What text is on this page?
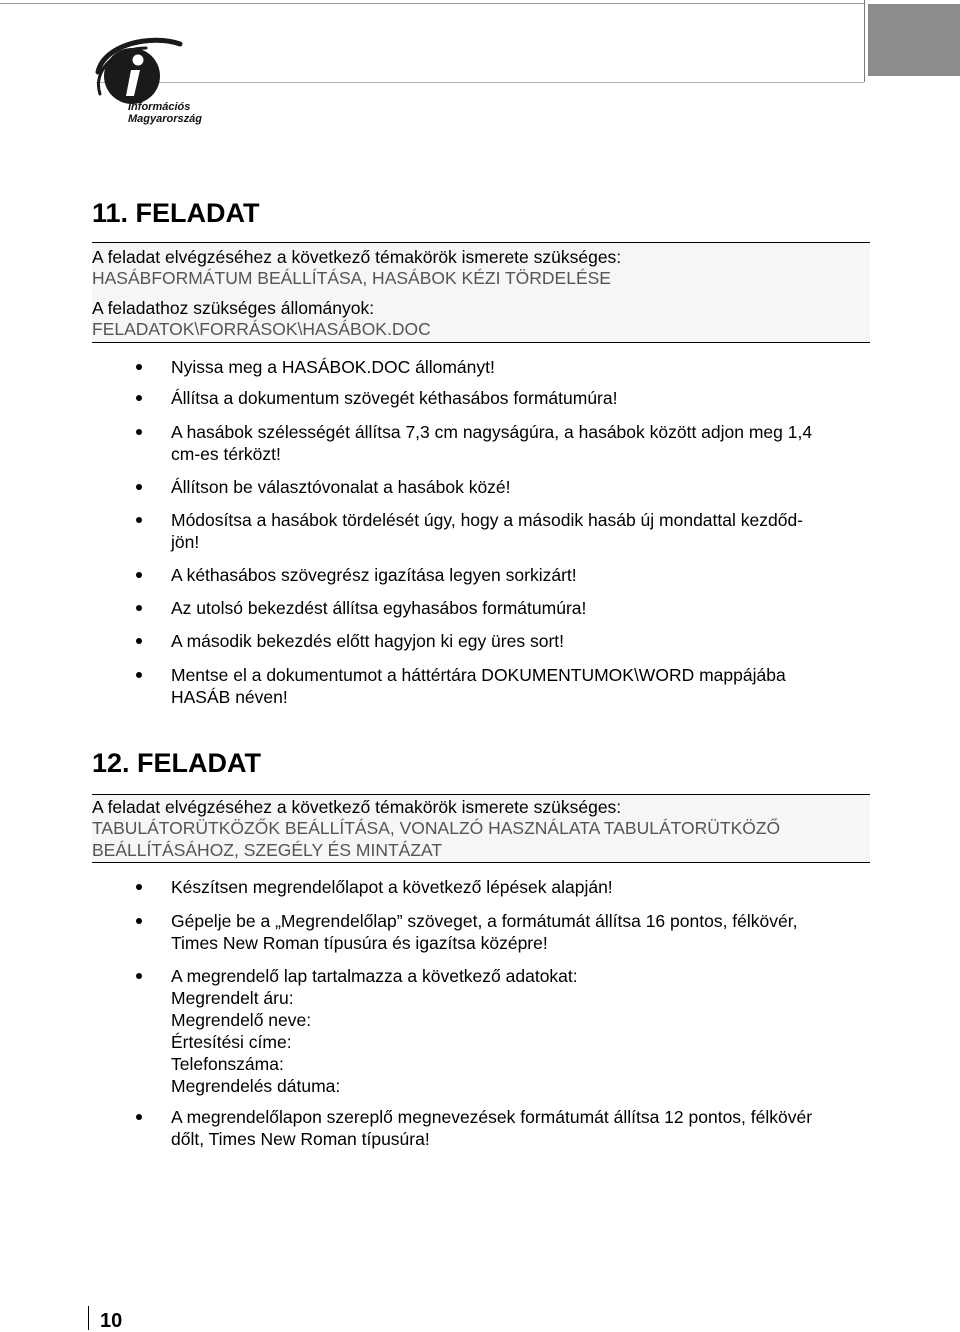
Információs
Magyarország
11. FELADAT
A feladat elvégzéséhez a következő témakörök ismerete szükséges:
HASÁBFORMÁTUM BEÁLLÍTÁSA, HASÁBOK KÉZI TÖRDELÉSE
A feladathoz szükséges állományok:
FELADATOK\FORRÁSOK\HASÁBOK.DOC
Nyissa meg a HASÁBOK.DOC állományt!
Állítsa a dokumentum szövegét kéthasábos formátumúra!
A hasábok szélességét állítsa 7,3 cm nagyságúra, a hasábok között adjon meg 1,4
cm-es térközt!
Állítson be választóvonalat a hasábok közé!
Módosítsa a hasábok tördelését úgy, hogy a második hasáb új mondattal kezdőd-
jön!
A kéthasábos szövegrész igazítása legyen sorkizárt!
Az utolsó bekezdést állítsa egyhasábos formátumúra!
A második bekezdés előtt hagyjon ki egy üres sort!
Mentse el a dokumentumot a háttértára DOKUMENTUMOK\WORD mappájába
HASÁB néven!
12. FELADAT
A feladat elvégzéséhez a következő témakörök ismerete szükséges:
TABULÁTORÜTKÖZŐK BEÁLLÍTÁSA, VONALZÓ HASZNÁLATA TABULÁTORÜTKÖZŐ
BEÁLLÍTÁSÁHOZ, SZEGÉLY ÉS MINTÁZAT
Készítsen megrendelőlapot a következő lépések alapján!
Gépelje be a „Megrendelőlap” szöveget, a formátumát állítsa 16 pontos, félkövér,
Times New Roman típusúra és igazítsa középre!
A megrendelő lap tartalmazza a következő adatokat:
Megrendelt áru:
Megrendelő neve:
Értesítési címe:
Telefonszáma:
Megrendelés dátuma:
A megrendelőlapon szereplő megnevezések formátumát állítsa 12 pontos, félkövér
dőlt, Times New Roman típusúra!
10
